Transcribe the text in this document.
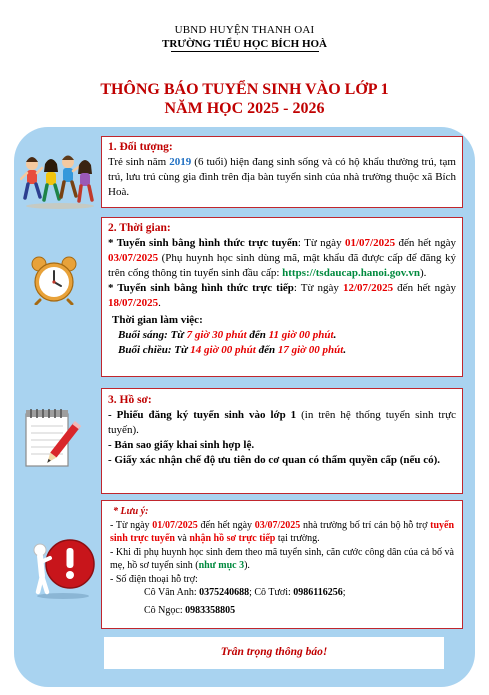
UBND HUYỆN THANH OAI
TRƯỜNG TIỂU HỌC BÍCH HOÀ
THÔNG BÁO TUYỂN SINH VÀO LỚP 1
NĂM HỌC 2025 - 2026
1. Đối tượng:
Trẻ sinh năm 2019 (6 tuổi) hiện đang sinh sống và có hộ khẩu thường trú, tạm trú, lưu trú cùng gia đình trên địa bàn tuyển sinh của nhà trường thuộc xã Bích Hoà.
2. Thời gian:
* Tuyển sinh bằng hình thức trực tuyến: Từ ngày 01/07/2025 đến hết ngày 03/07/2025 (Phụ huynh học sinh dùng mã, mật khẩu đã được cấp để đăng ký trên cổng thông tin tuyển sinh đầu cấp: https://tsdaucap.hanoi.gov.vn).
* Tuyển sinh bằng hình thức trực tiếp: Từ ngày 12/07/2025 đến hết ngày 18/07/2025.
Thời gian làm việc:
Buổi sáng: Từ 7 giờ 30 phút đến 11 giờ 00 phút.
Buổi chiều: Từ 14 giờ 00 phút đến 17 giờ 00 phút.
3. Hồ sơ:
- Phiếu đăng ký tuyển sinh vào lớp 1 (in trên hệ thống tuyển sinh trực tuyến).
- Bản sao giấy khai sinh hợp lệ.
- Giấy xác nhận chế độ ưu tiên do cơ quan có thẩm quyền cấp (nếu có).
* Lưu ý:
- Từ ngày 01/07/2025 đến hết ngày 03/07/2025 nhà trường bố trí cán bộ hỗ trợ tuyển sinh trực tuyến và nhận hồ sơ trực tiếp tại trường.
- Khi đi phụ huynh học sinh đem theo mã tuyển sinh, căn cước công dân của cả bố và mẹ, hồ sơ tuyển sinh (như mục 3).
- Số điện thoại hỗ trợ:
Cô Vân Anh: 0375240688; Cô Tươi: 0986116256;
Cô Ngọc: 0983358805
Trân trọng thông báo!
